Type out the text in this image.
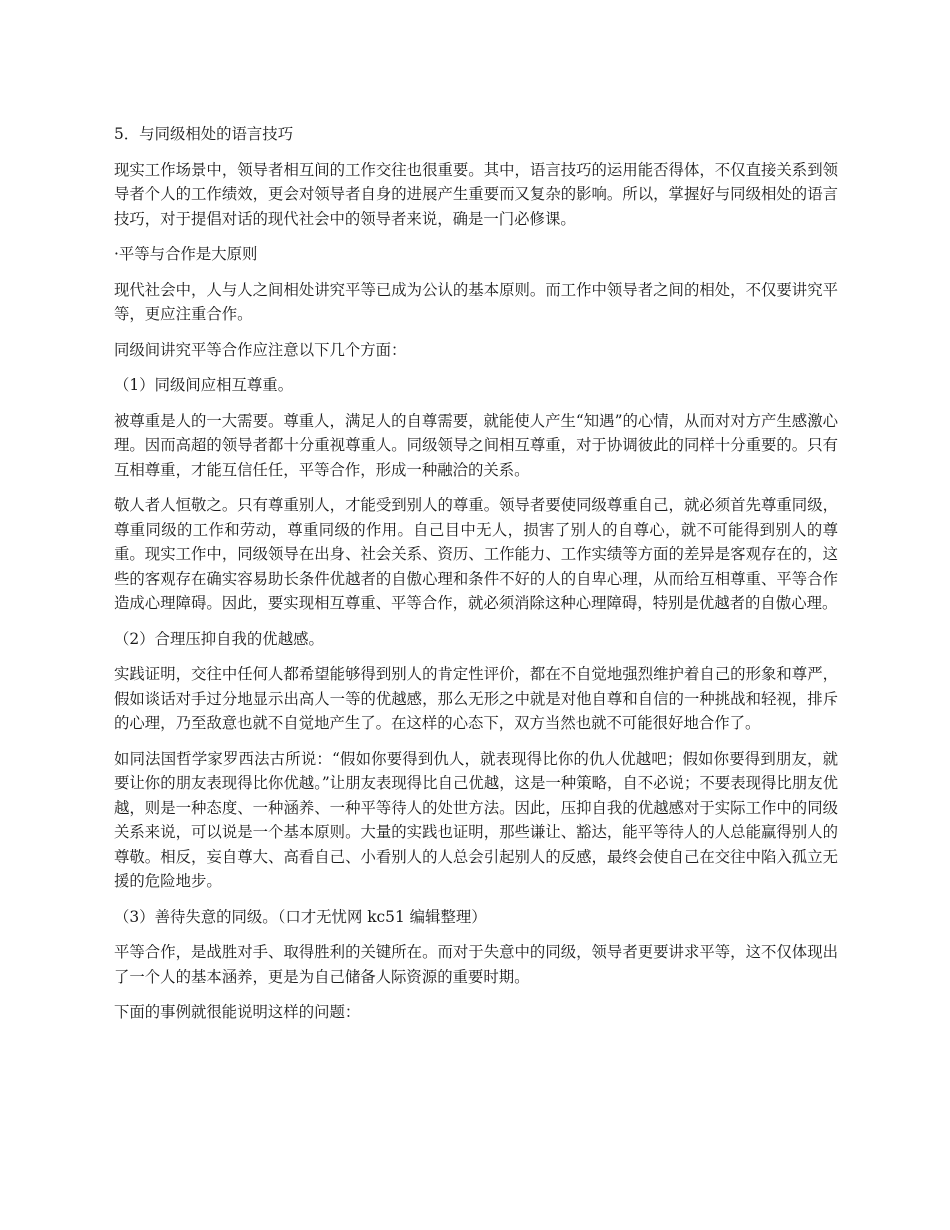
5．与同级相处的语言技巧

现实工作场景中，领导者相互间的工作交往也很重要。其中，语言技巧的运用能否得体，不仅直接关系到领导者个人的工作绩效，更会对领导者自身的进展产生重要而又复杂的影响。所以，掌握好与同级相处的语言技巧，对于提倡对话的现代社会中的领导者来说，确是一门必修课。

·平等与合作是大原则

现代社会中，人与人之间相处讲究平等已成为公认的基本原则。而工作中领导者之间的相处，不仅要讲究平等，更应注重合作。

同级间讲究平等合作应注意以下几个方面：

（1）同级间应相互尊重。

被尊重是人的一大需要。尊重人，满足人的自尊需要，就能使人产生“知遇”的心情，从而对对方产生感激心理。因而高超的领导者都十分重视尊重人。同级领导之间相互尊重，对于协调彼此的同样十分重要的。只有互相尊重，才能互信任任，平等合作，形成一种融洽的关系。

敬人者人恒敬之。只有尊重别人，才能受到别人的尊重。领导者要使同级尊重自己，就必须首先尊重同级，尊重同级的工作和劳动，尊重同级的作用。自己目中无人，损害了别人的自尊心，就不可能得到别人的尊重。现实工作中，同级领导在出身、社会关系、资历、工作能力、工作实绩等方面的差异是客观存在的，这些的客观存在确实容易助长条件优越者的自傲心理和条件不好的人的自卑心理，从而给互相尊重、平等合作造成心理障碍。因此，要实现相互尊重、平等合作，就必须消除这种心理障碍，特别是优越者的自傲心理。

（2）合理压抑自我的优越感。

实践证明，交往中任何人都希望能够得到别人的肯定性评价，都在不自觉地强烈维护着自己的形象和尊严，假如谈话对手过分地显示出高人一等的优越感，那么无形之中就是对他自尊和自信的一种挑战和轻视，排斥的心理，乃至敌意也就不自觉地产生了。在这样的心态下，双方当然也就不可能很好地合作了。

如同法国哲学家罗西法古所说：“假如你要得到仇人，就表现得比你的仇人优越吧；假如你要得到朋友，就要让你的朋友表现得比你优越。”让朋友表现得比自己优越，这是一种策略，自不必说；不要表现得比朋友优越，则是一种态度、一种涵养、一种平等待人的处世方法。因此，压抑自我的优越感对于实际工作中的同级关系来说，可以说是一个基本原则。大量的实践也证明，那些谦让、豁达，能平等待人的人总能赢得别人的尊敬。相反，妄自尊大、高看自己、小看别人的人总会引起别人的反感，最终会使自己在交往中陷入孤立无援的危险地步。

（3）善待失意的同级。（口才无忧网 kc51 编辑整理）

平等合作，是战胜对手、取得胜利的关键所在。而对于失意中的同级，领导者更要讲求平等，这不仅体现出了一个人的基本涵养，更是为自己储备人际资源的重要时期。

下面的事例就很能说明这样的问题：
